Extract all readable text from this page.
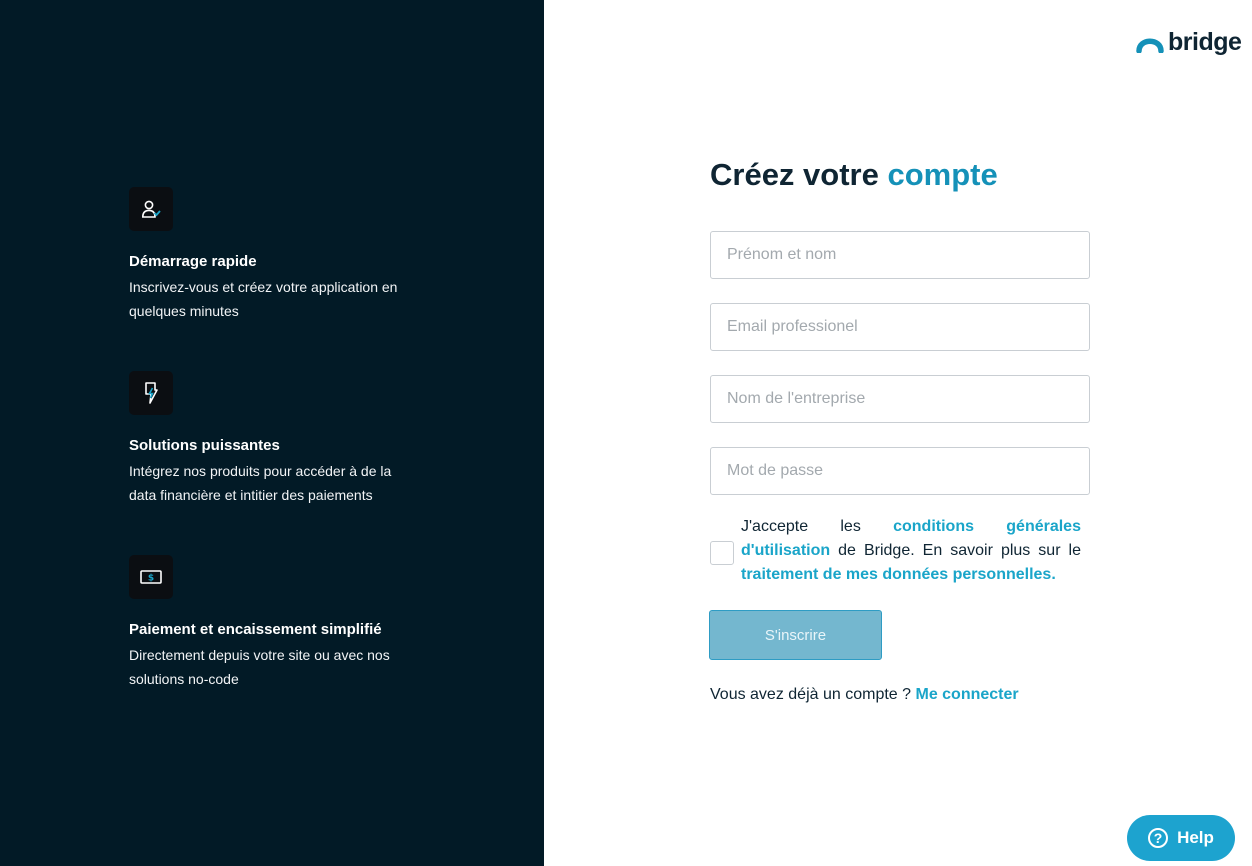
Démarrage rapide
Inscrivez-vous et créez votre application en
quelques minutes
Solutions puissantes
Intégrez nos produits pour accéder à de la
data financière et intitier des paiements
$
Paiement et encaissement simplifié
Directement depuis votre site ou avec nos
solutions no-code
bridge
Créez votre compte
Prénom et nom
Email professionel
Nom de l'entreprise
J'accepte les conditions générales d'utilisation de Bridge. En savoir plus sur le traitement de mes données personnelles.
S'inscrire
Vous avez déjà un compte ? Me connecter
? Help
